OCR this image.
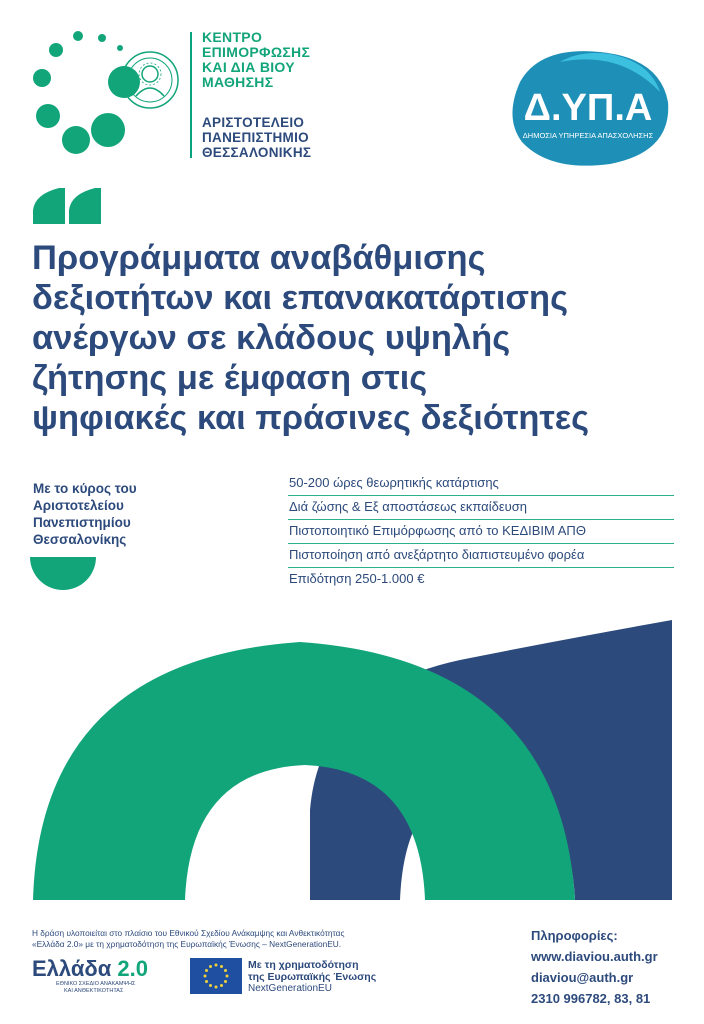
ΚΕΝΤΡΟ
ΕΠΙΜΟΡΦΩΣΗΣ
ΚΑΙ ΔΙΑ ΒΙΟΥ
ΜΑΘΗΣΗΣ
ΑΡΙΣΤΟΤΕΛΕΙΟ
ΠΑΝΕΠΙΣΤΗΜΙΟ
ΘΕΣΣΑΛΟΝΙΚΗΣ
Δ.ΥΠ.Α
ΔΗΜΟΣΙΑ ΥΠΗΡΕΣΙΑ ΑΠΑΣΧΟΛΗΣΗΣ
Προγράμματα αναβάθμισης
δεξιοτήτων και επανακατάρτισης
ανέργων σε κλάδους υψηλής
ζήτησης με έμφαση στις
ψηφιακές και πράσινες δεξιότητες
Με το κύρος του
Αριστοτελείου
Πανεπιστημίου
Θεσσαλονίκης
50-200 ώρες θεωρητικής κατάρτισης
Διά ζώσης & Εξ αποστάσεως εκπαίδευση
Πιστοποιητικό Επιμόρφωσης από το ΚΕΔΙΒΙΜ ΑΠΘ
Πιστοποίηση από ανεξάρτητο διαπιστευμένο φορέα
Επιδότηση 250-1.000 €
Η δράση υλοποιείται στο πλαίσιο του Εθνικού Σχεδίου Ανάκαμψης και Ανθεκτικότητας
«Ελλάδα 2.0» με τη χρηματοδότηση της Ευρωπαϊκής Ένωσης – NextGenerationEU.
Ελλάδα 2.0
ΕΘΝΙΚΟ ΣΧΕΔΙΟ ΑΝΑΚΑΜΨΗΣ
ΚΑΙ ΑΝΘΕΚΤΙΚΟΤΗΤΑΣ
Με τη χρηματοδότηση
της Ευρωπαϊκής Ένωσης
NextGenerationEU
Πληροφορίες:
www.diaviou.auth.gr
diaviou@auth.gr
2310 996782, 83, 81
